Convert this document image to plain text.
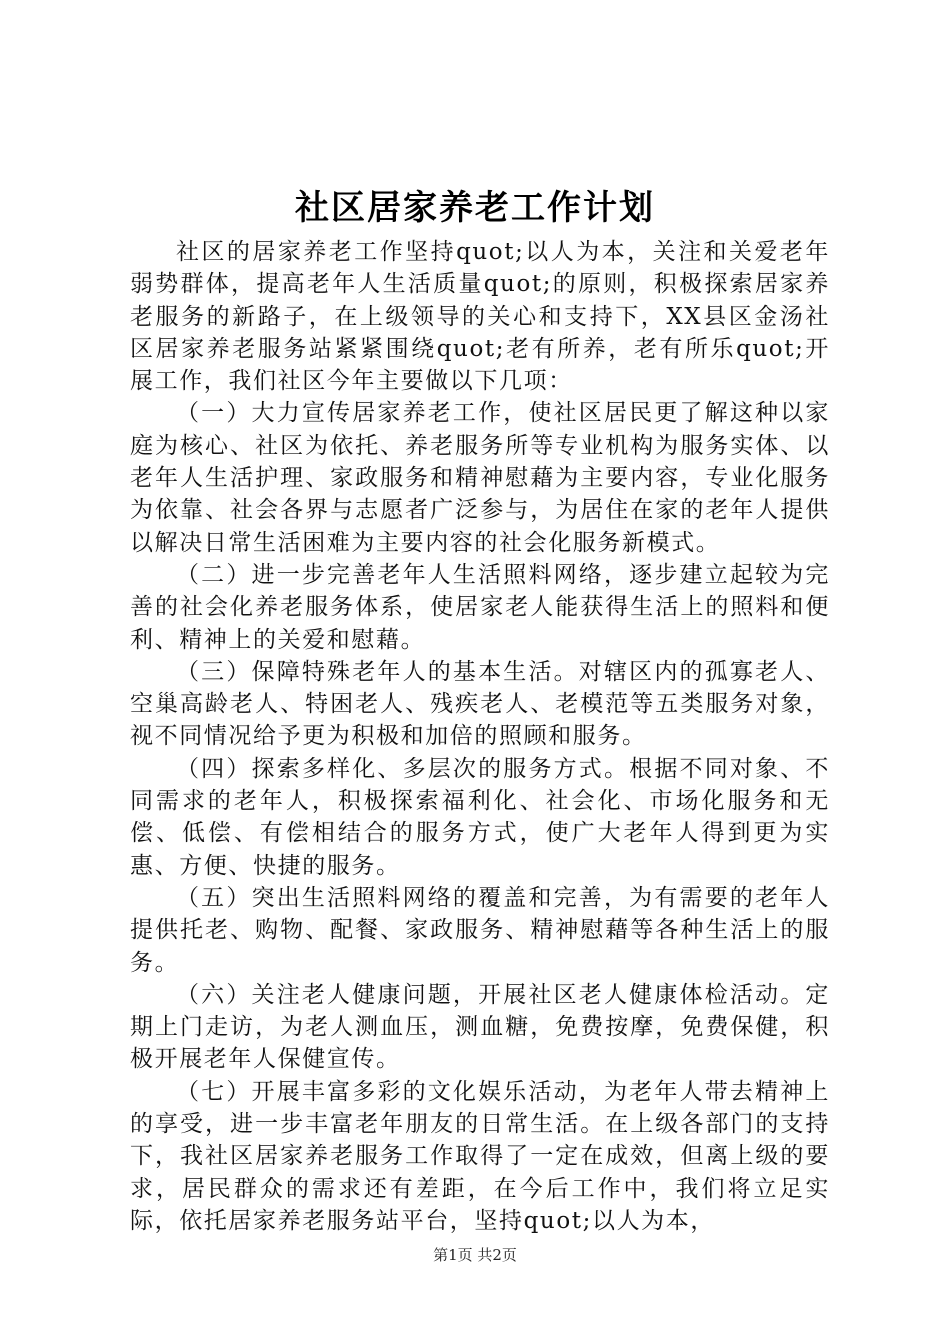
社区居家养老工作计划

社区的居家养老工作坚持quot;以人为本，关注和关爱老年弱势群体，提高老年人生活质量quot;的原则，积极探索居家养老服务的新路子，在上级领导的关心和支持下，XX县区金汤社区居家养老服务站紧紧围绕quot;老有所养，老有所乐quot;开展工作，我们社区今年主要做以下几项：

（一）大力宣传居家养老工作，使社区居民更了解这种以家庭为核心、社区为依托、养老服务所等专业机构为服务实体、以老年人生活护理、家政服务和精神慰藉为主要内容，专业化服务为依靠、社会各界与志愿者广泛参与，为居住在家的老年人提供以解决日常生活困难为主要内容的社会化服务新模式。

（二）进一步完善老年人生活照料网络，逐步建立起较为完善的社会化养老服务体系，使居家老人能获得生活上的照料和便利、精神上的关爱和慰藉。

（三）保障特殊老年人的基本生活。对辖区内的孤寡老人、空巢高龄老人、特困老人、残疾老人、老模范等五类服务对象，视不同情况给予更为积极和加倍的照顾和服务。

（四）探索多样化、多层次的服务方式。根据不同对象、不同需求的老年人，积极探索福利化、社会化、市场化服务和无偿、低偿、有偿相结合的服务方式，使广大老年人得到更为实惠、方便、快捷的服务。

（五）突出生活照料网络的覆盖和完善，为有需要的老年人提供托老、购物、配餐、家政服务、精神慰藉等各种生活上的服务。

（六）关注老人健康问题，开展社区老人健康体检活动。定期上门走访，为老人测血压，测血糖，免费按摩，免费保健，积极开展老年人保健宣传。

（七）开展丰富多彩的文化娱乐活动，为老年人带去精神上的享受，进一步丰富老年朋友的日常生活。在上级各部门的支持下，我社区居家养老服务工作取得了一定在成效，但离上级的要求，居民群众的需求还有差距，在今后工作中，我们将立足实际，依托居家养老服务站平台，坚持quot;以人为本，

第1页 共2页
